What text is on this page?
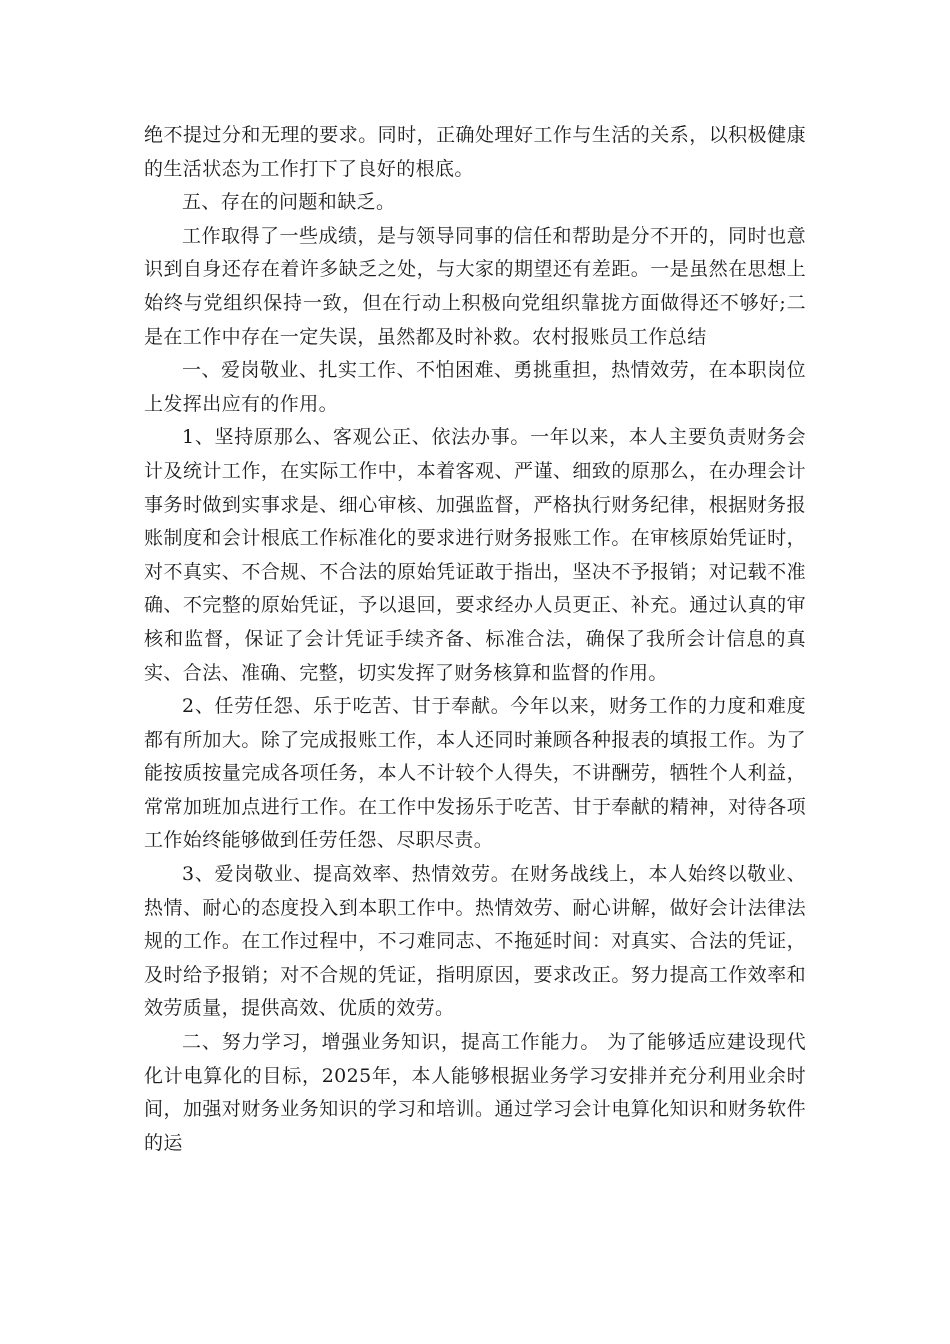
绝不提过分和无理的要求。同时，正确处理好工作与生活的关系，以积极健康的生活状态为工作打下了良好的根底。

五、存在的问题和缺乏。

工作取得了一些成绩，是与领导同事的信任和帮助是分不开的，同时也意识到自身还存在着许多缺乏之处，与大家的期望还有差距。一是虽然在思想上始终与党组织保持一致，但在行动上积极向党组织靠拢方面做得还不够好;二是在工作中存在一定失误，虽然都及时补救。农村报账员工作总结

一、爱岗敬业、扎实工作、不怕困难、勇挑重担，热情效劳，在本职岗位上发挥出应有的作用。

1、坚持原那么、客观公正、依法办事。一年以来，本人主要负责财务会计及统计工作，在实际工作中，本着客观、严谨、细致的原那么，在办理会计事务时做到实事求是、细心审核、加强监督，严格执行财务纪律，根据财务报账制度和会计根底工作标准化的要求进行财务报账工作。在审核原始凭证时，对不真实、不合规、不合法的原始凭证敢于指出，坚决不予报销；对记载不准确、不完整的原始凭证，予以退回，要求经办人员更正、补充。通过认真的审核和监督，保证了会计凭证手续齐备、标准合法，确保了我所会计信息的真实、合法、准确、完整，切实发挥了财务核算和监督的作用。

2、任劳任怨、乐于吃苦、甘于奉献。今年以来，财务工作的力度和难度都有所加大。除了完成报账工作，本人还同时兼顾各种报表的填报工作。为了能按质按量完成各项任务，本人不计较个人得失，不讲酬劳，牺牲个人利益，常常加班加点进行工作。在工作中发扬乐于吃苦、甘于奉献的精神，对待各项工作始终能够做到任劳任怨、尽职尽责。

3、爱岗敬业、提高效率、热情效劳。在财务战线上，本人始终以敬业、热情、耐心的态度投入到本职工作中。热情效劳、耐心讲解，做好会计法律法规的工作。在工作过程中，不刁难同志、不拖延时间：对真实、合法的凭证，及时给予报销；对不合规的凭证，指明原因，要求改正。努力提高工作效率和效劳质量，提供高效、优质的效劳。

二、努力学习，增强业务知识，提高工作能力。 为了能够适应建设现代化计电算化的目标，2025年，本人能够根据业务学习安排并充分利用业余时间，加强对财务业务知识的学习和培训。通过学习会计电算化知识和财务软件的运
